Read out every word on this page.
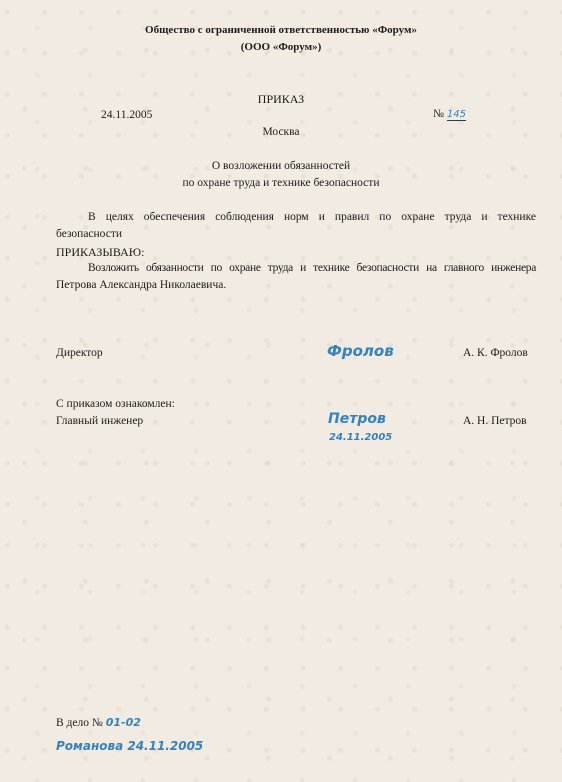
Общество с ограниченной ответственностью «Форум»
(ООО «Форум»)
ПРИКАЗ
24.11.2005	№ 145
Москва
О возложении обязанностей
по охране труда и технике безопасности
В целях обеспечения соблюдения норм и правил по охране труда и технике
безопасности
ПРИКАЗЫВАЮ:
Возложить обязанности по охране труда и технике безопасности на главного инженера
Петрова Александра Николаевича.
Директор	Фролов	А. К. Фролов
С приказом ознакомлен:
Главный инженер	Петров
24.11.2005
А. Н. Петров
В дело № 01-02
Романова 24.11.2005
